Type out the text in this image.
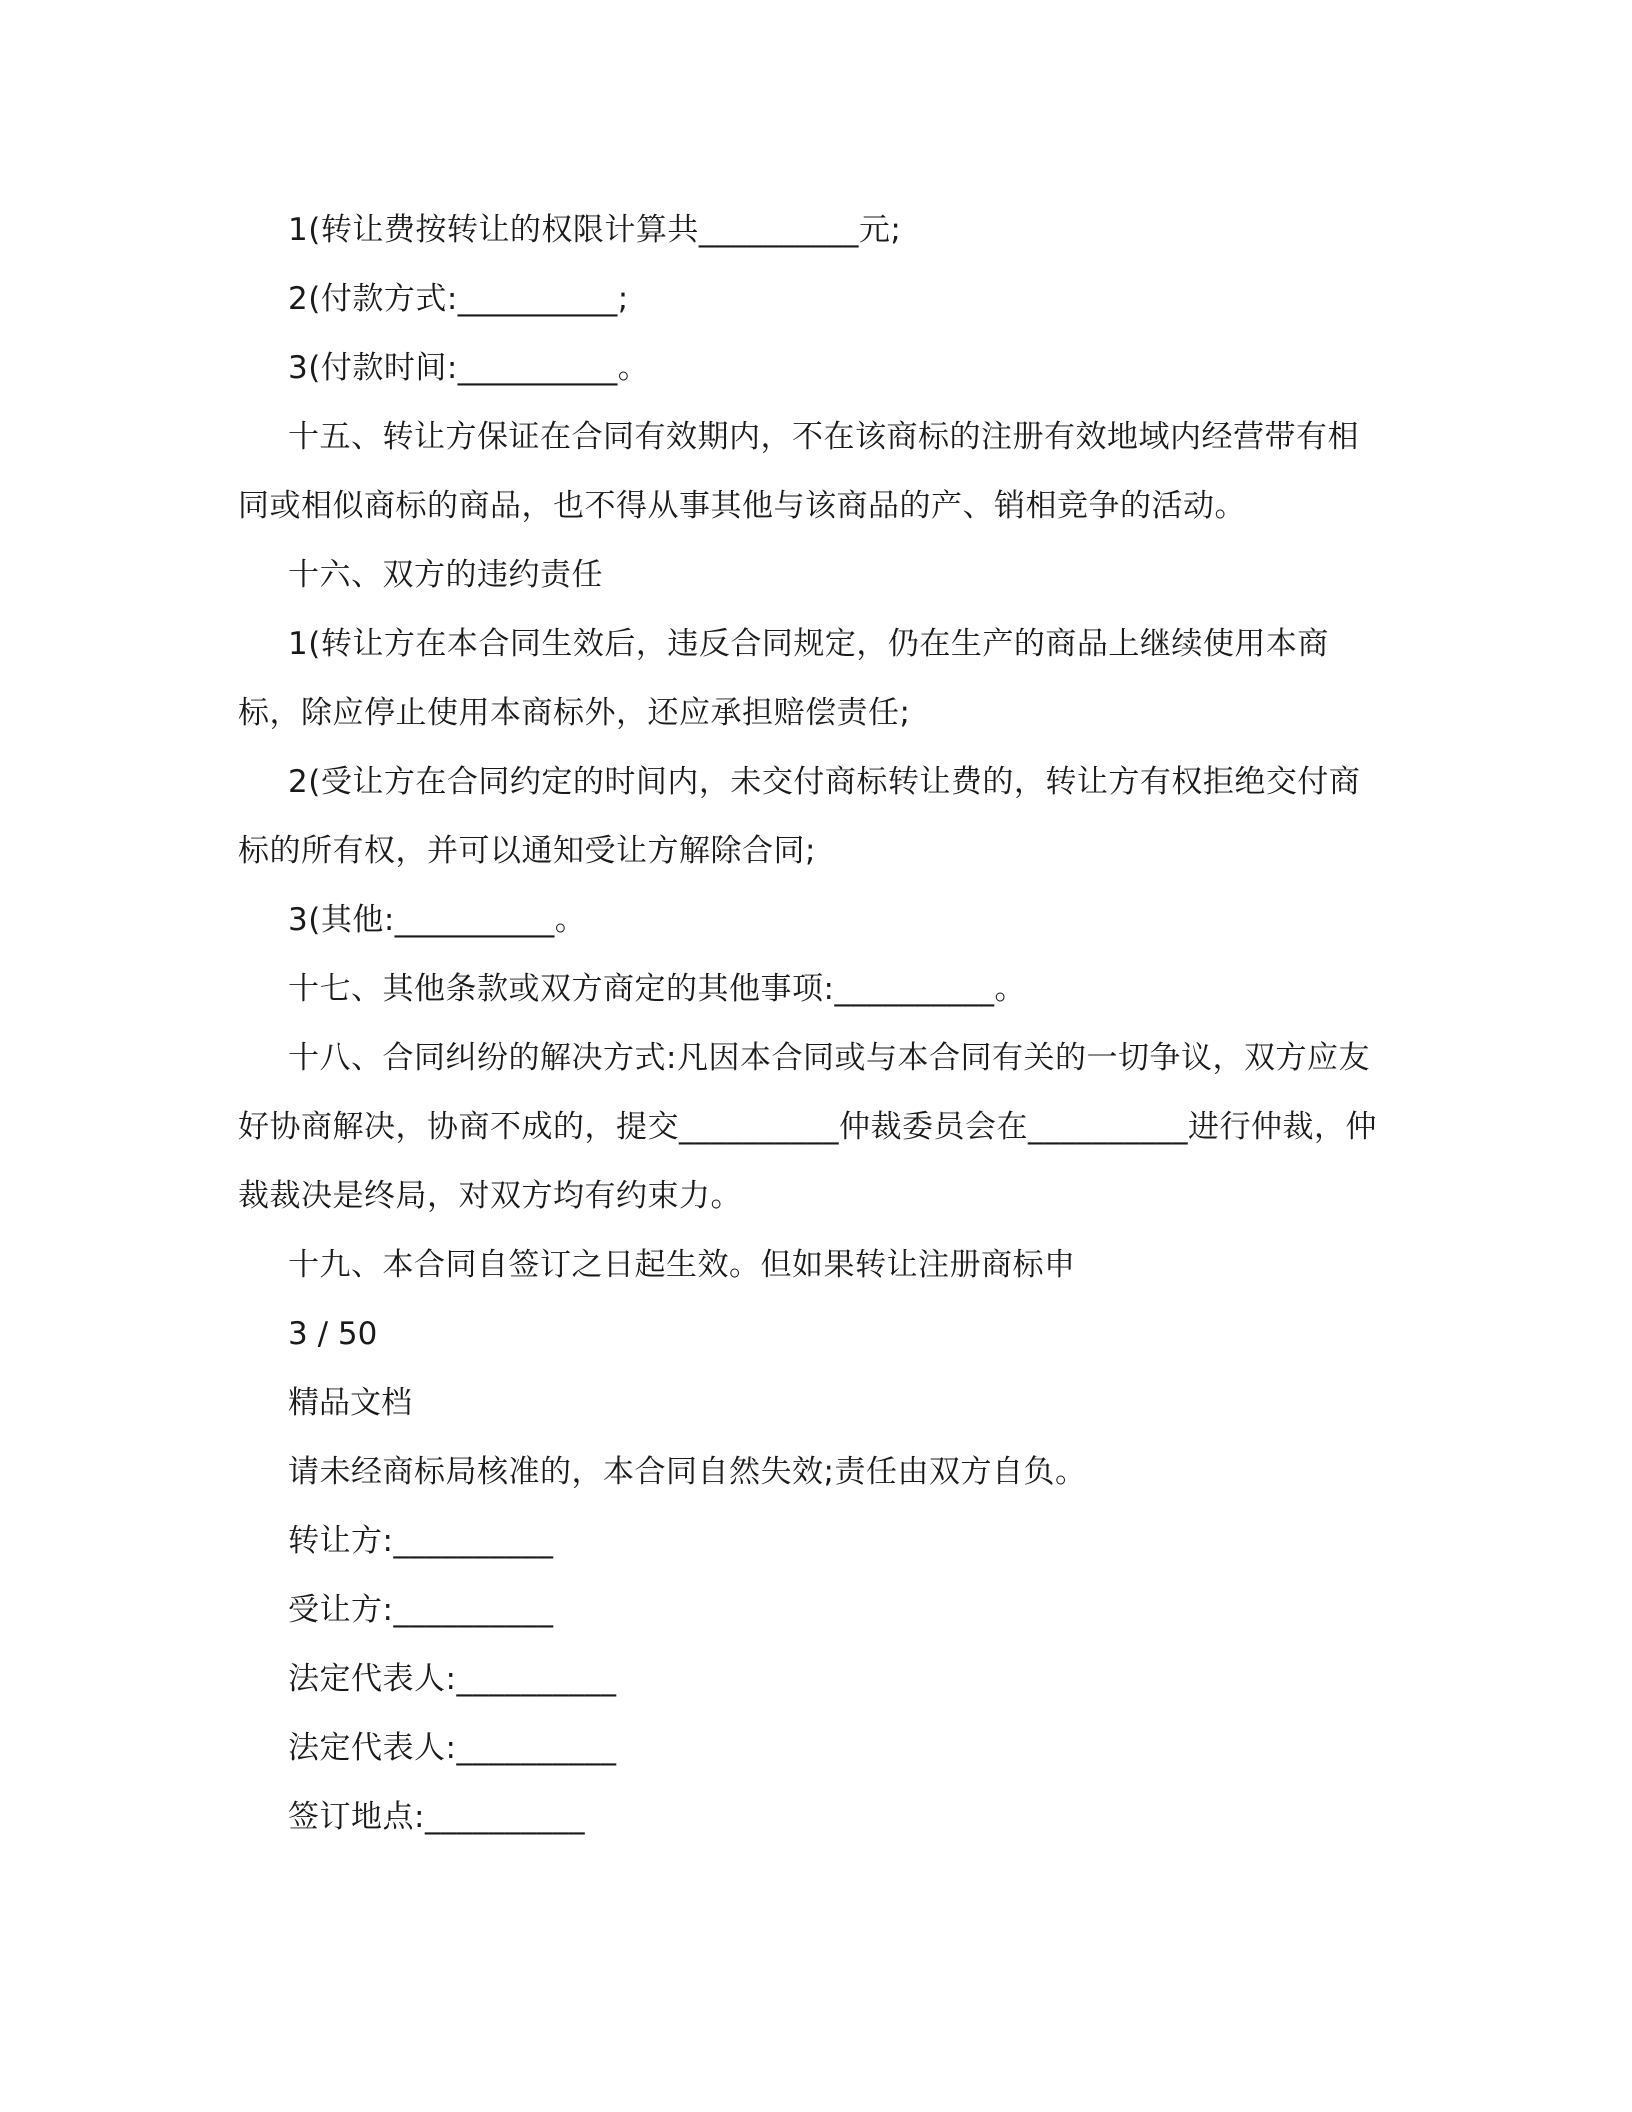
1(转让费按转让的权限计算共__________元;

2(付款方式:__________;

3(付款时间:__________。

十五、转让方保证在合同有效期内，不在该商标的注册有效地域内经营带有相同或相似商标的商品，也不得从事其他与该商品的产、销相竞争的活动。

十六、双方的违约责任

1(转让方在本合同生效后，违反合同规定，仍在生产的商品上继续使用本商标，除应停止使用本商标外，还应承担赔偿责任;

2(受让方在合同约定的时间内，未交付商标转让费的，转让方有权拒绝交付商标的所有权，并可以通知受让方解除合同;

3(其他:__________。

十七、其他条款或双方商定的其他事项:__________。

十八、合同纠纷的解决方式:凡因本合同或与本合同有关的一切争议，双方应友好协商解决，协商不成的，提交__________仲裁委员会在__________进行仲裁，仲裁裁决是终局，对双方均有约束力。

十九、本合同自签订之日起生效。但如果转让注册商标申

3 / 50
精品文档

请未经商标局核准的，本合同自然失效;责任由双方自负。

转让方:__________

受让方:__________

法定代表人:__________

法定代表人:__________

签订地点:__________
